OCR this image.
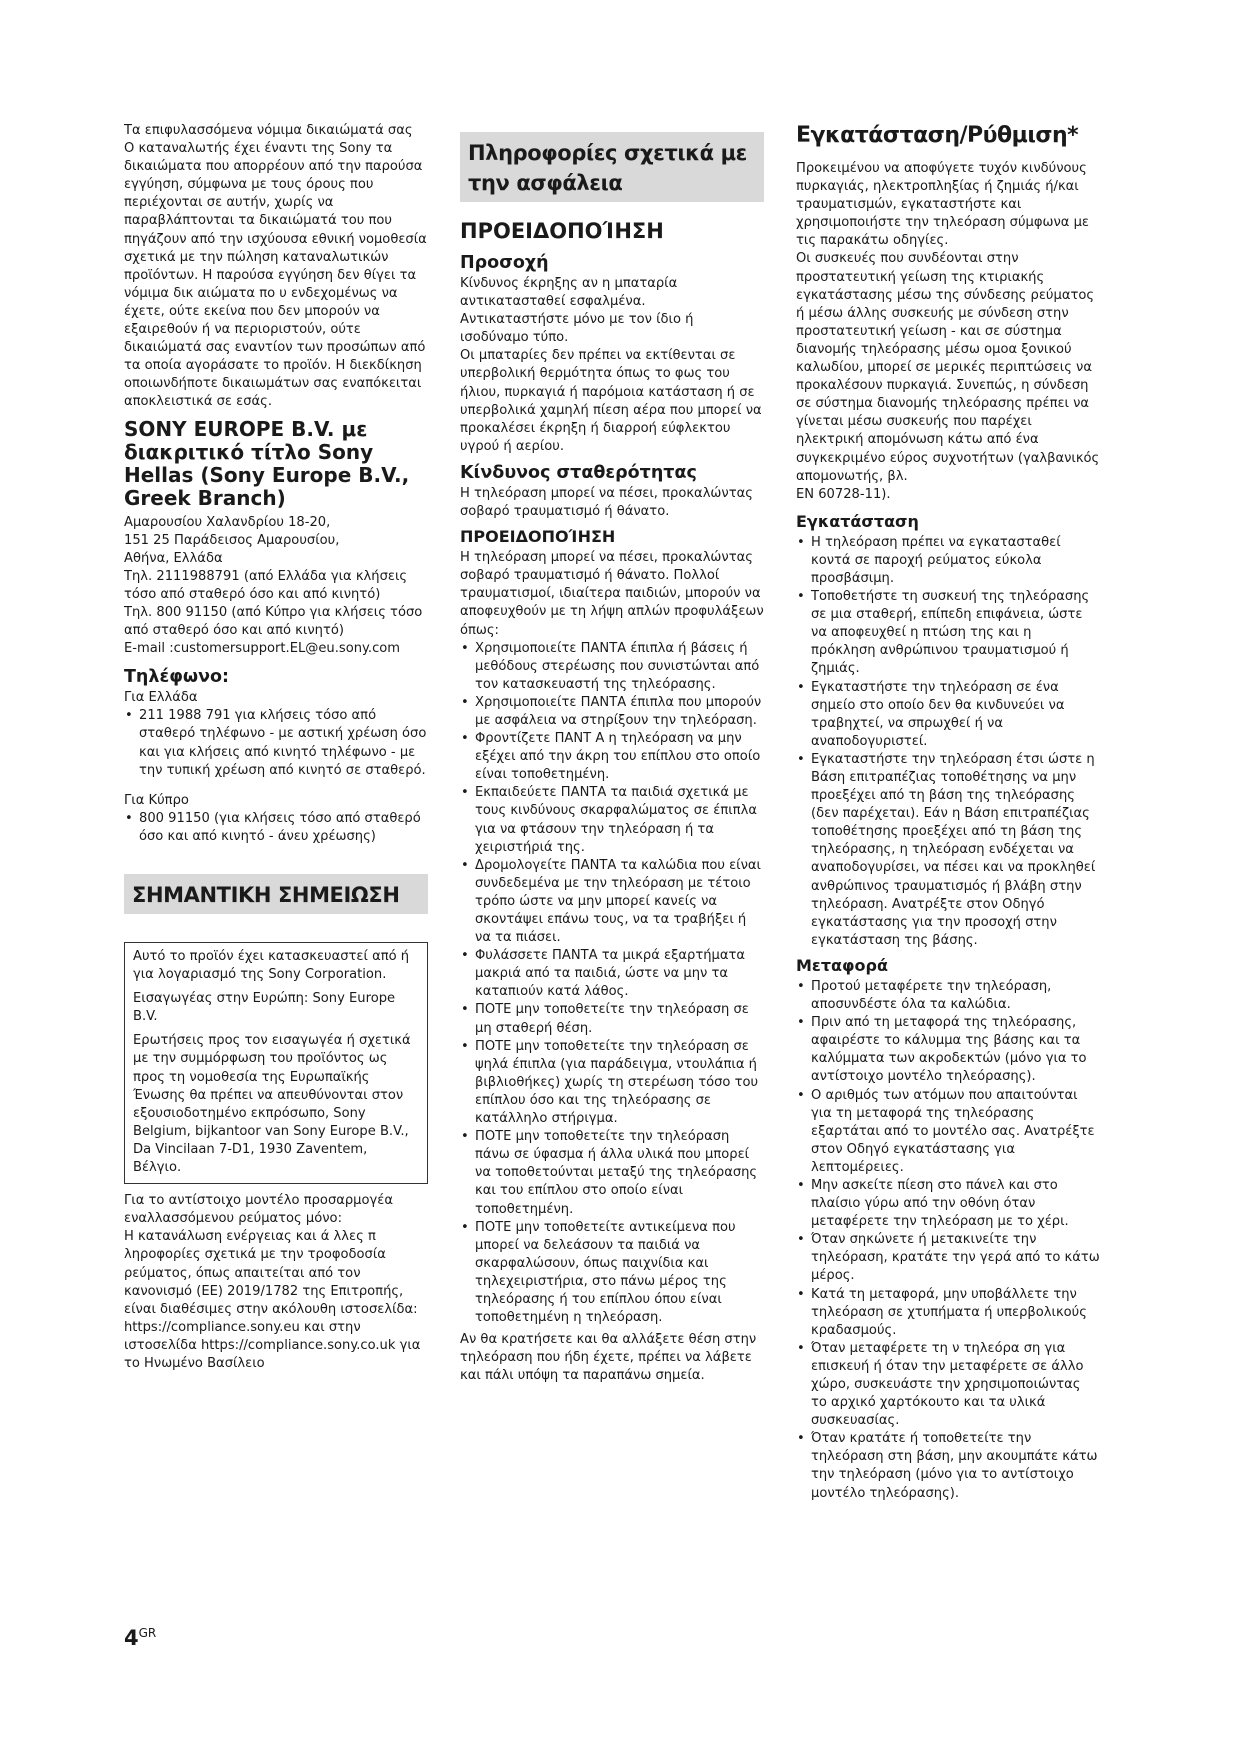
Τα επιφυλασσόμενα νόμιμα δικαιώματά σας
Ο καταναλωτής έχει έναντι της Sony τα δικαιώματα που απορρέουν από την παρούσα εγγύηση, σύμφωνα με τους όρους που περιέχονται σε αυτήν, χωρίς να παραβλάπτονται τα δικαιώματά του που πηγάζουν από την ισχύουσα εθνική νομοθεσία σχετικά με την πώληση καταναλωτικών προϊόντων. Η παρούσα εγγύηση δεν θίγει τα νόμιμα δικ αιώματα πο υ ενδεχομένως να έχετε, ούτε εκείνα που δεν μπορούν να εξαιρεθούν ή να περιοριστούν, ούτε δικαιώματά σας εναντίον των προσώπων από τα οποία αγοράσατε το προϊόν. Η διεκδίκηση οποιωνδήποτε δικαιωμάτων σας εναπόκειται αποκλειστικά σε εσάς.

SONY EUROPE B.V. με διακριτικό τίτλο Sony Hellas (Sony Europe B.V., Greek Branch)

Αμαρουσίου Χαλανδρίου 18-20,
151 25 Παράδεισος Αμαρουσίου,
Αθήνα, Ελλάδα

Τηλ. 2111988791 (από Ελλάδα για κλήσεις τόσο από σταθερό όσο και από κινητό)

Τηλ. 800 91150 (από Κύπρο για κλήσεις τόσο από σταθερό όσο και από κινητό)

E-mail :customersupport.EL@eu.sony.com

Τηλέφωνο:

Για Ελλάδα

• 211 1988 791 για κλήσεις τόσο από σταθερό τηλέφωνο - με αστική χρέωση όσο και για κλήσεις από κινητό τηλέφωνο - με την τυπική χρέωση από κινητό σε σταθερό.

Για Κύπρο

• 800 91150 (για κλήσεις τόσο από σταθερό όσο και από κινητό - άνευ χρέωσης)
ΣΗΜΑΝΤΙΚΗ ΣΗΜΕΙΩΣΗ

Αυτό το προϊόν έχει κατασκευαστεί από ή για λογαριασμό της Sony Corporation.

Εισαγωγέας στην Ευρώπη: Sony Europe B.V.

Ερωτήσεις προς τον εισαγωγέα ή σχετικά με την συμμόρφωση του προϊόντος ως προς τη νομοθεσία της Ευρωπαϊκής Ένωσης θα πρέπει να απευθύνονται στον εξουσιοδοτημένο εκπρόσωπο, Sony Belgium, bijkantoor van Sony Europe B.V., Da Vincilaan 7-D1, 1930 Zaventem, Βέλγιο.

Για το αντίστοιχο μοντέλο προσαρμογέα εναλλασσόμενου ρεύματος μόνο:
Η κατανάλωση ενέργειας και ά λλες π ληροφορίες σχετικά με την τροφοδοσία ρεύματος, όπως απαιτείται από τον κανονισμό (ΕΕ) 2019/1782 της Επιτροπής, είναι διαθέσιμες στην ακόλουθη ιστοσελίδα: https://compliance.sony.eu και στην ιστοσελίδα https://compliance.sony.co.uk για το Ηνωμένο Βασίλειο

Πληροφορίες σχετικά με την ασφάλεια
ΠΡΟΕΙΔΟΠΟΊΗΣΗ
Προσοχή

Κίνδυνος έκρηξης αν η μπαταρία αντικατασταθεί εσφαλμένα.
Αντικαταστήστε μόνο με τον ίδιο ή ισοδύναμο τύπο.

Οι μπαταρίες δεν πρέπει να εκτίθενται σε υπερβολική θερμότητα όπως το φως του ήλιου, πυρκαγιά ή παρόμοια κατάσταση ή σε υπερβολικά χαμηλή πίεση αέρα που μπορεί να προκαλέσει έκρηξη ή διαρροή εύφλεκτου υγρού ή αερίου.

Κίνδυνος σταθερότητας

Η τηλεόραση μπορεί να πέσει, προκαλώντας σοβαρό τραυματισμό ή θάνατο.

ΠΡΟΕΙΔΟΠΟΊΗΣΗ

Η τηλεόραση μπορεί να πέσει, προκαλώντας σοβαρό τραυματισμό ή θάνατο. Πολλοί τραυματισμοί, ιδιαίτερα παιδιών, μπορούν να αποφευχθούν με τη λήψη απλών προφυλάξεων όπως:

• Χρησιμοποιείτε ΠΑΝΤΑ έπιπλα ή βάσεις ή μεθόδους στερέωσης που συνιστώνται από τον κατασκευαστή της τηλεόρασης.
• Χρησιμοποιείτε ΠΑΝΤΑ έπιπλα που μπορούν με ασφάλεια να στηρίξουν την τηλεόραση.
• Φροντίζετε ΠΑΝΤ Α η τηλεόραση να μην εξέχει από την άκρη του επίπλου στο οποίο είναι τοποθετημένη.
• Εκπαιδεύετε ΠΑΝΤΑ τα παιδιά σχετικά με τους κινδύνους σκαρφαλώματος σε έπιπλα για να φτάσουν την τηλεόραση ή τα χειριστήριά της.
• Δρομολογείτε ΠΑΝΤΑ τα καλώδια που είναι συνδεδεμένα με την τηλεόραση με τέτοιο τρόπο ώστε να μην μπορεί κανείς να σκοντάψει επάνω τους, να τα τραβήξει ή να τα πιάσει.
• Φυλάσσετε ΠΑΝΤΑ τα μικρά εξαρτήματα μακριά από τα παιδιά, ώστε να μην τα καταπιούν κατά λάθος.
• ΠΟΤΕ μην τοποθετείτε την τηλεόραση σε μη σταθερή θέση.
• ΠΟΤΕ μην τοποθετείτε την τηλεόραση σε ψηλά έπιπλα (για παράδειγμα, ντουλάπια ή βιβλιοθήκες) χωρίς τη στερέωση τόσο του επίπλου όσο και της τηλεόρασης σε κατάλληλο στήριγμα.
• ΠΟΤΕ μην τοποθετείτε την τηλεόραση πάνω σε ύφασμα ή άλλα υλικά που μπορεί να τοποθετούνται μεταξύ της τηλεόρασης και του επίπλου στο οποίο είναι τοποθετημένη.
• ΠΟΤΕ μην τοποθετείτε αντικείμενα που μπορεί να δελεάσουν τα παιδιά να σκαρφαλώσουν, όπως παιχνίδια και τηλεχειριστήρια, στο πάνω μέρος της τηλεόρασης ή του επίπλου όπου είναι τοποθετημένη η τηλεόραση.

Αν θα κρατήσετε και θα αλλάξετε θέση στην τηλεόραση που ήδη έχετε, πρέπει να λάβετε και πάλι υπόψη τα παραπάνω σημεία.

Εγκατάσταση/Ρύθμιση*

Προκειμένου να αποφύγετε τυχόν κινδύνους πυρκαγιάς, ηλεκτροπληξίας ή ζημιάς ή/και τραυματισμών, εγκαταστήστε και χρησιμοποιήστε την τηλεόραση σύμφωνα με τις παρακάτω οδηγίες.

Οι συσκευές που συνδέονται στην προστατευτική γείωση της κτιριακής εγκατάστασης μέσω της σύνδεσης ρεύματος ή μέσω άλλης συσκευής με σύνδεση στην προστατευτική γείωση - και σε σύστημα διανομής τηλεόρασης μέσω ομοα ξονικού καλωδίου, μπορεί σε μερικές περιπτώσεις να προκαλέσουν πυρκαγιά. Συνεπώς, η σύνδεση σε σύστημα διανομής τηλεόρασης πρέπει να γίνεται μέσω συσκευής που παρέχει ηλεκτρική απομόνωση κάτω από ένα συγκεκριμένο εύρος συχνοτήτων (γαλβανικός απομονωτής, βλ.
EN 60728-11).

Εγκατάσταση
• Η τηλεόραση πρέπει να εγκατασταθεί κοντά σε παροχή ρεύματος εύκολα προσβάσιμη.
• Τοποθετήστε τη συσκευή της τηλεόρασης σε μια σταθερή, επίπεδη επιφάνεια, ώστε να αποφευχθεί η πτώση της και η πρόκληση ανθρώπινου τραυματισμού ή ζημιάς.
• Εγκαταστήστε την τηλεόραση σε ένα σημείο στο οποίο δεν θα κινδυνεύει να τραβηχτεί, να σπρωχθεί ή να αναποδογυριστεί.
• Εγκαταστήστε την τηλεόραση έτσι ώστε η Βάση επιτραπέζιας τοποθέτησης να μην προεξέχει από τη βάση της τηλεόρασης (δεν παρέχεται). Εάν η Βάση επιτραπέζιας τοποθέτησης προεξέχει από τη βάση της τηλεόρασης, η τηλεόραση ενδέχεται να αναποδογυρίσει, να πέσει και να προκληθεί ανθρώπινος τραυματισμός ή βλάβη στην τηλεόραση. Ανατρέξτε στον Οδηγό εγκατάστασης για την προσοχή στην εγκατάσταση της βάσης.
Μεταφορά
• Προτού μεταφέρετε την τηλεόραση, αποσυνδέστε όλα τα καλώδια.
• Πριν από τη μεταφορά της τηλεόρασης, αφαιρέστε το κάλυμμα της βάσης και τα καλύμματα των ακροδεκτών (μόνο για το αντίστοιχο μοντέλο τηλεόρασης).
• Ο αριθμός των ατόμων που απαιτούνται για τη μεταφορά της τηλεόρασης εξαρτάται από το μοντέλο σας. Ανατρέξτε στον Οδηγό εγκατάστασης για λεπτομέρειες.
• Μην ασκείτε πίεση στο πάνελ και στο πλαίσιο γύρω από την οθόνη όταν μεταφέρετε την τηλεόραση με το χέρι.
• Όταν σηκώνετε ή μετακινείτε την τηλεόραση, κρατάτε την γερά από το κάτω μέρος.
• Κατά τη μεταφορά, μην υποβάλλετε την τηλεόραση σε χτυπήματα ή υπερβολικούς κραδασμούς.
• Όταν μεταφέρετε τη ν τηλεόρα ση για επισκευή ή όταν την μεταφέρετε σε άλλο χώρο, συσκευάστε την χρησιμοποιώντας το αρχικό χαρτόκουτο και τα υλικά συσκευασίας.
• Όταν κρατάτε ή τοποθετείτε την τηλεόραση στη βάση, μην ακουμπάτε κάτω την τηλεόραση (μόνο για το αντίστοιχο μοντέλο τηλεόρασης).
$4^{GR}$
